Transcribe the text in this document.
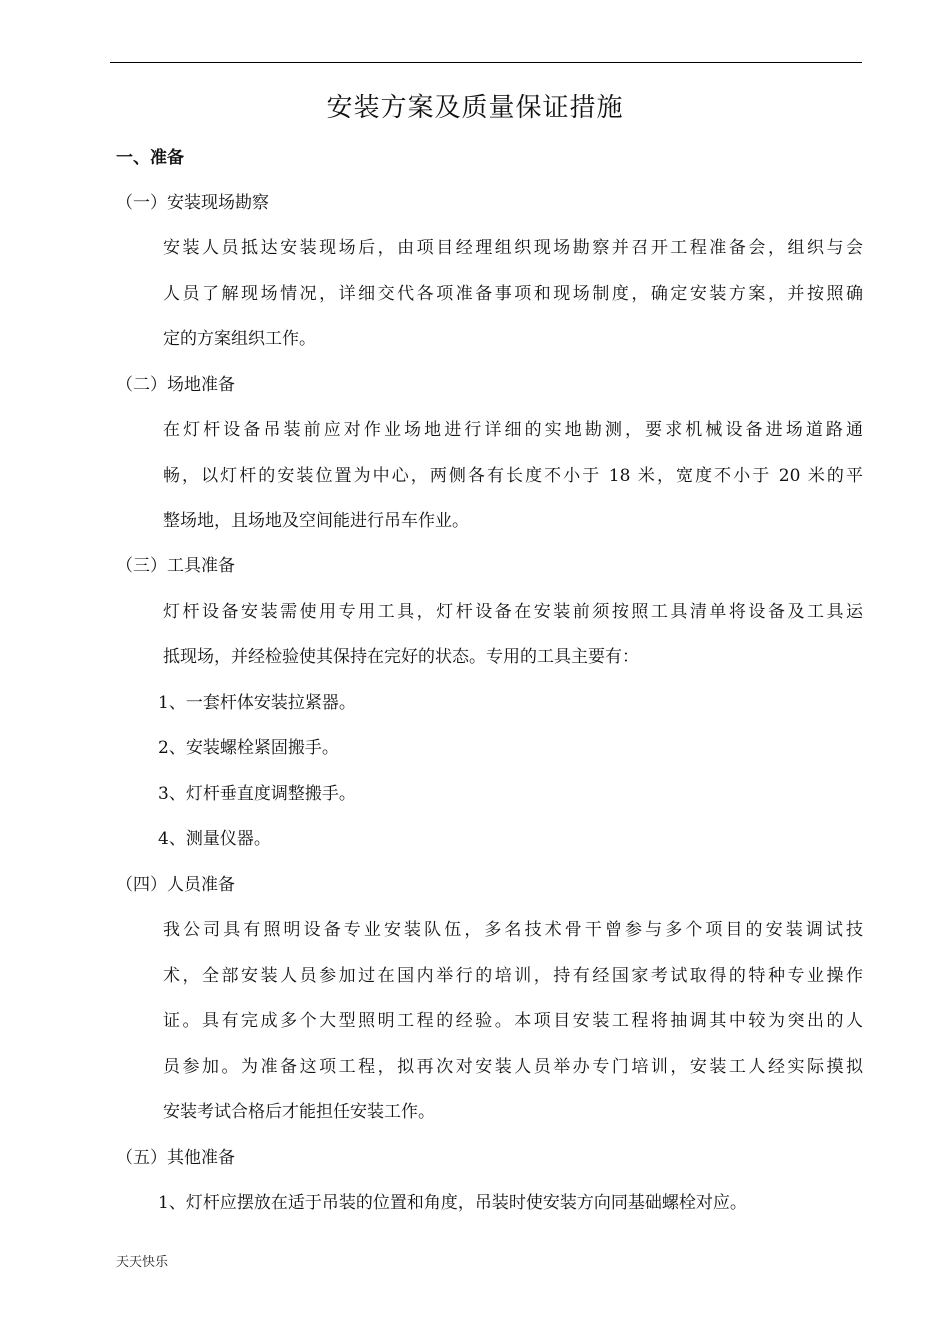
安装方案及质量保证措施

一、准备

（一）安装现场勘察

安装人员抵达安装现场后，由项目经理组织现场勘察并召开工程准备会，组织与会

人员了解现场情况，详细交代各项准备事项和现场制度，确定安装方案，并按照确

定的方案组织工作。

（二）场地准备

在灯杆设备吊装前应对作业场地进行详细的实地勘测，要求机械设备进场道路通

畅，以灯杆的安装位置为中心，两侧各有长度不小于 18 米，宽度不小于 20 米的平

整场地，且场地及空间能进行吊车作业。

（三）工具准备

灯杆设备安装需使用专用工具，灯杆设备在安装前须按照工具清单将设备及工具运

抵现场，并经检验使其保持在完好的状态。专用的工具主要有：

1、一套杆体安装拉紧器。

2、安装螺栓紧固搬手。

3、灯杆垂直度调整搬手。

4、测量仪器。

（四）人员准备

我公司具有照明设备专业安装队伍，多名技术骨干曾参与多个项目的安装调试技

术，全部安装人员参加过在国内举行的培训，持有经国家考试取得的特种专业操作

证。具有完成多个大型照明工程的经验。本项目安装工程将抽调其中较为突出的人

员参加。为准备这项工程，拟再次对安装人员举办专门培训，安装工人经实际摸拟

安装考试合格后才能担任安装工作。

（五）其他准备

1、灯杆应摆放在适于吊装的位置和角度，吊装时使安装方向同基础螺栓对应。

天天快乐
